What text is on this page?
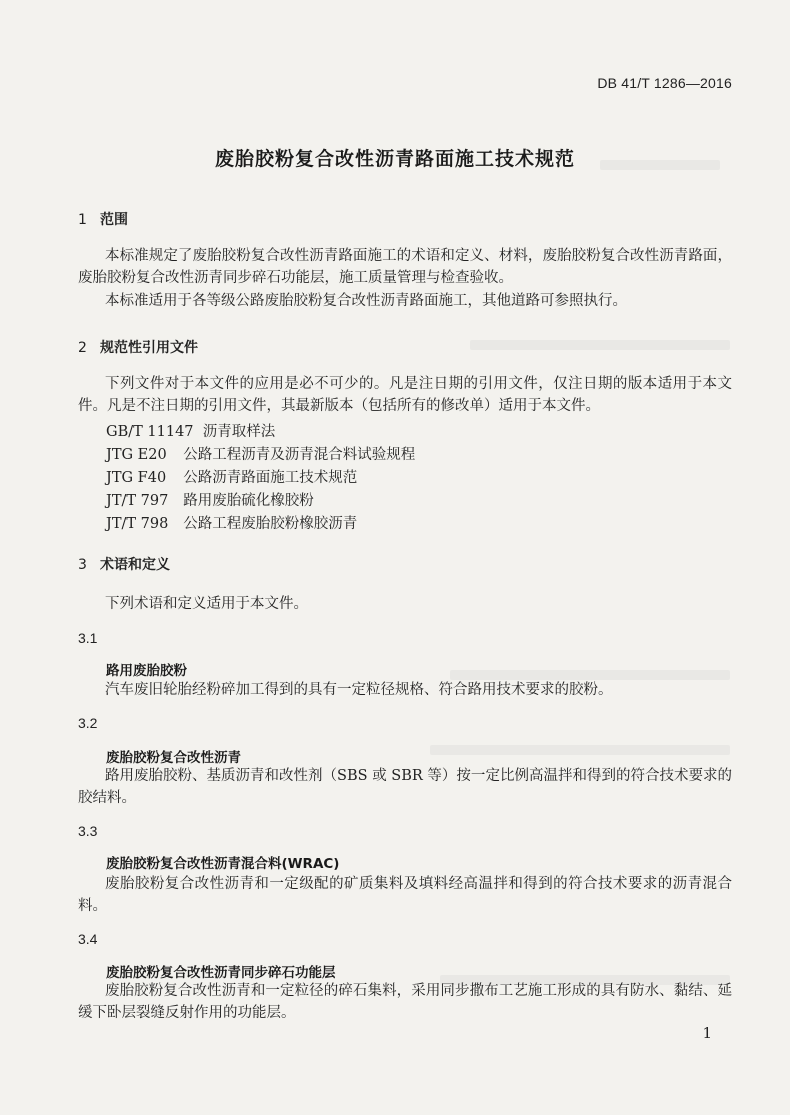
DB 41/T 1286—2016
废胎胶粉复合改性沥青路面施工技术规范
1 范围
本标准规定了废胎胶粉复合改性沥青路面施工的术语和定义、材料，废胎胶粉复合改性沥青路面，废胎胶粉复合改性沥青同步碎石功能层，施工质量管理与检查验收。
本标准适用于各等级公路废胎胶粉复合改性沥青路面施工，其他道路可参照执行。
2 规范性引用文件
下列文件对于本文件的应用是必不可少的。凡是注日期的引用文件，仅注日期的版本适用于本文件。凡是不注日期的引用文件，其最新版本（包括所有的修改单）适用于本文件。
GB/T 11147 沥青取样法
JTG E20 公路工程沥青及沥青混合料试验规程
JTG F40 公路沥青路面施工技术规范
JT/T 797 路用废胎硫化橡胶粉
JT/T 798 公路工程废胎胶粉橡胶沥青
3 术语和定义
下列术语和定义适用于本文件。
3.1
路用废胎胶粉
汽车废旧轮胎经粉碎加工得到的具有一定粒径规格、符合路用技术要求的胶粉。
3.2
废胎胶粉复合改性沥青
路用废胎胶粉、基质沥青和改性剂（SBS 或 SBR 等）按一定比例高温拌和得到的符合技术要求的胶结料。
3.3
废胎胶粉复合改性沥青混合料(WRAC)
废胎胶粉复合改性沥青和一定级配的矿质集料及填料经高温拌和得到的符合技术要求的沥青混合料。
3.4
废胎胶粉复合改性沥青同步碎石功能层
废胎胶粉复合改性沥青和一定粒径的碎石集料，采用同步撒布工艺施工形成的具有防水、黏结、延缓下卧层裂缝反射作用的功能层。
1
